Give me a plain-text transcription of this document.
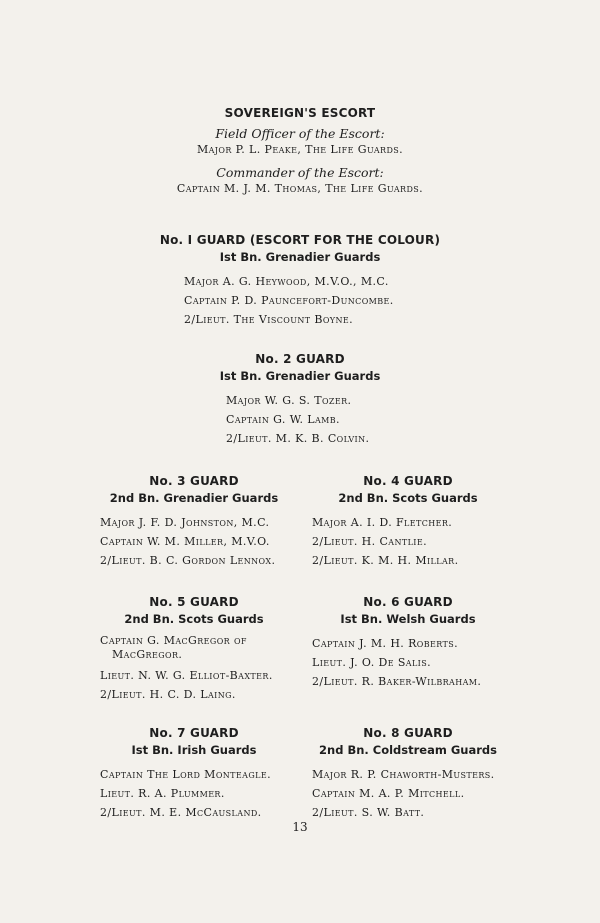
SOVEREIGN'S ESCORT
Field Officer of the Escort:
Major P. L. Peake, The Life Guards.
Commander of the Escort:
Captain M. J. M. Thomas, The Life Guards.
No. I GUARD (ESCORT FOR THE COLOUR)
Ist Bn. Grenadier Guards
Major A. G. Heywood, M.V.O., M.C.
Captain P. D. Pauncefort-Duncombe.
2/Lieut. The Viscount Boyne.
No. 2 GUARD
Ist Bn. Grenadier Guards
Major W. G. S. Tozer.
Captain G. W. Lamb.
2/Lieut. M. K. B. Colvin.
No. 3 GUARD
2nd Bn. Grenadier Guards
Major J. F. D. Johnston, M.C.
Captain W. M. Miller, M.V.O.
2/Lieut. B. C. Gordon Lennox.
No. 4 GUARD
2nd Bn. Scots Guards
Major A. I. D. Fletcher.
2/Lieut. H. Cantlie.
2/Lieut. K. M. H. Millar.
No. 5 GUARD
2nd Bn. Scots Guards
Captain G. MacGregor of
MacGregor.
Lieut. N. W. G. Elliot-Baxter.
2/Lieut. H. C. D. Laing.
No. 6 GUARD
Ist Bn. Welsh Guards
Captain J. M. H. Roberts.
Lieut. J. O. De Salis.
2/Lieut. R. Baker-Wilbraham.
No. 7 GUARD
Ist Bn. Irish Guards
Captain The Lord Monteagle.
Lieut. R. A. Plummer.
2/Lieut. M. E. McCausland.
No. 8 GUARD
2nd Bn. Coldstream Guards
Major R. P. Chaworth-Musters.
Captain M. A. P. Mitchell.
2/Lieut. S. W. Batt.
13
